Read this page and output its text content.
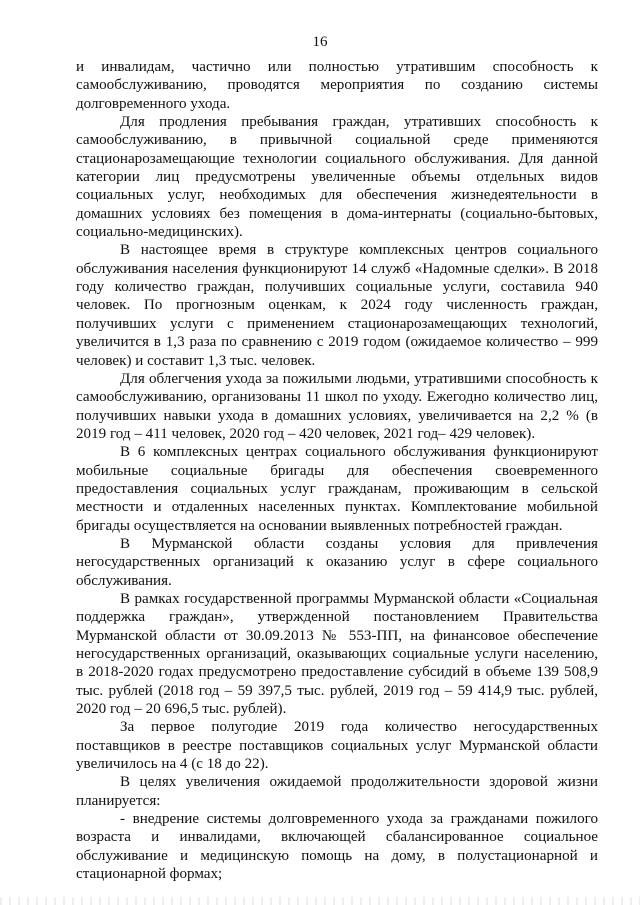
16

и инвалидам, частично или полностью утратившим способность к самообслуживанию, проводятся мероприятия по созданию системы долговременного ухода.

Для продления пребывания граждан, утративших способность к самообслуживанию, в привычной социальной среде применяются стационарозамещающие технологии социального обслуживания. Для данной категории лиц предусмотрены увеличенные объемы отдельных видов социальных услуг, необходимых для обеспечения жизнедеятельности в домашних условиях без помещения в дома-интернаты (социально-бытовых, социально-медицинских).

В настоящее время в структуре комплексных центров социального обслуживания населения функционируют 14 служб «Надомные сделки». В 2018 году количество граждан, получивших социальные услуги, составила 940 человек. По прогнозным оценкам, к 2024 году численность граждан, получивших услуги с применением стационарозамещающих технологий, увеличится в 1,3 раза по сравнению с 2019 годом (ожидаемое количество – 999 человек) и составит 1,3 тыс. человек.

Для облегчения ухода за пожилыми людьми, утратившими способность к самообслуживанию, организованы 11 школ по уходу. Ежегодно количество лиц, получивших навыки ухода в домашних условиях, увеличивается на 2,2 % (в 2019 год – 411 человек, 2020 год – 420 человек, 2021 год– 429 человек).

В 6 комплексных центрах социального обслуживания функционируют мобильные социальные бригады для обеспечения своевременного предоставления социальных услуг гражданам, проживающим в сельской местности и отдаленных населенных пунктах. Комплектование мобильной бригады осуществляется на основании выявленных потребностей граждан.

В Мурманской области созданы условия для привлечения негосударственных организаций к оказанию услуг в сфере социального обслуживания.

В рамках государственной программы Мурманской области «Социальная поддержка граждан», утвержденной постановлением Правительства Мурманской области от 30.09.2013 № 553-ПП, на финансовое обеспечение негосударственных организаций, оказывающих социальные услуги населению, в 2018-2020 годах предусмотрено предоставление субсидий в объеме 139 508,9 тыс. рублей (2018 год – 59 397,5 тыс. рублей, 2019 год – 59 414,9 тыс. рублей, 2020 год – 20 696,5 тыс. рублей).

За первое полугодие 2019 года количество негосударственных поставщиков в реестре поставщиков социальных услуг Мурманской области увеличилось на 4 (с 18 до 22).

В целях увеличения ожидаемой продолжительности здоровой жизни планируется:

- внедрение системы долговременного ухода за гражданами пожилого возраста и инвалидами, включающей сбалансированное социальное обслуживание и медицинскую помощь на дому, в полустационарной и стационарной формах;
